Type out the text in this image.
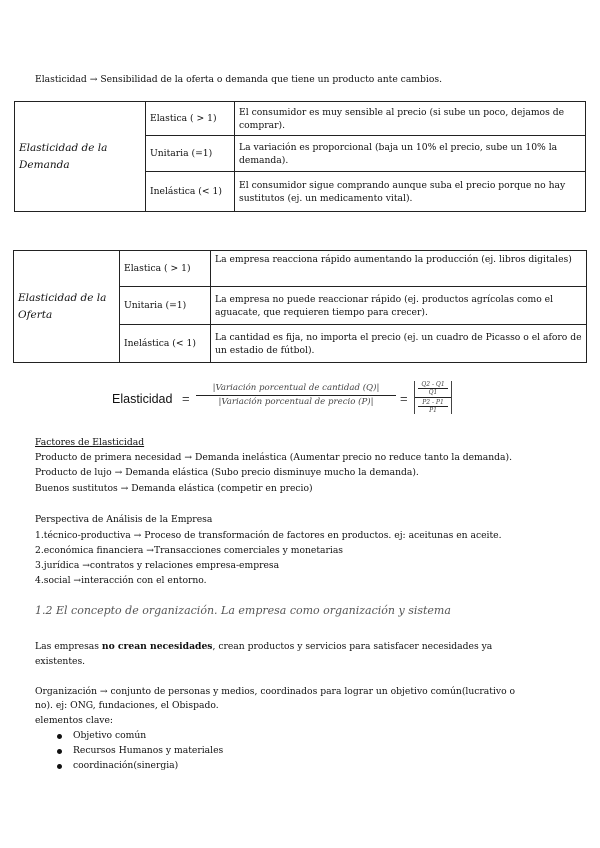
Elasticidad → Sensibilidad de la oferta o demanda que tiene un producto ante cambios.
Elasticidad de la Demanda	Elastica ( > 1)	El consumidor es muy sensible al precio (si sube un poco, dejamos de
comprar).

	Unitaria (=1)	La variación es proporcional (baja un 10% el precio, sube un 10% la
demanda).

	Inelástica (< 1)	El consumidor sigue comprando aunque suba el precio porque no hay
sustitutos (ej. un medicamento vital).
Elasticidad de la
Oferta	Elastica ( > 1)	La empresa reacciona rápido aumentando la producción (ej. libros digitales)

	Unitaria (=1)	La empresa no puede reaccionar rápido (ej. productos agrícolas como el
aguacate, que requieren tiempo para crecer).

	Inelástica (< 1)	La cantidad es fija, no importa el precio (ej. un cuadro de Picasso o el aforo de
un estadio de fútbol).
Elasticidad =
|Variación porcentual de cantidad (Q)|
|Variación porcentual de precio (P)|	=
Q2 - Q1
Q1
P2 - P1
P1
Factores de Elasticidad
Producto de primera necesidad → Demanda inelástica (Aumentar precio no reduce tanto la demanda).
Producto de lujo → Demanda elástica (Subo precio disminuye mucho la demanda).
Buenos sustitutos → Demanda elástica (competir en precio)
Perspectiva de Análisis de la Empresa
1.técnico-productiva → Proceso de transformación de factores en productos. ej: aceitunas en aceite.
2.económica financiera →Transacciones comerciales y monetarias
3.jurídica →contratos y relaciones empresa-empresa
4.social →interacción con el entorno.
1.2 El concepto de organización. La empresa como organización y sistema
Las empresas no crean necesidades, crean productos y servicios para satisfacer necesidades ya
existentes.
Organización → conjunto de personas y medios, coordinados para lograr un objetivo común(lucrativo o
no). ej: ONG, fundaciones, el Obispado.
elementos clave:
Objetivo común
Recursos Humanos y materiales
coordinación(sinergia)
